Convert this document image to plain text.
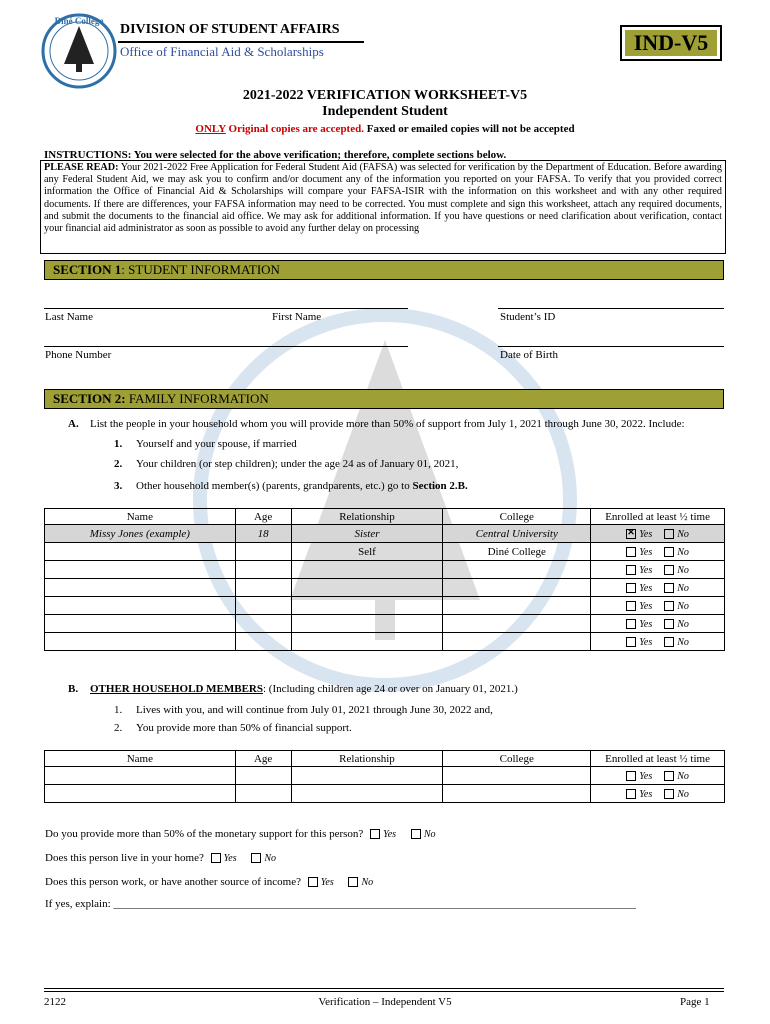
Diné College
DIVISION OF STUDENT AFFAIRS
Office of Financial Aid & Scholarships	IND-V5
2021-2022 VERIFICATION WORKSHEET-V5
Independent Student
ONLY Original copies are accepted. Faxed or emailed copies will not be accepted
INSTRUCTIONS: You were selected for the above verification; therefore, complete sections below.
PLEASE READ: Your 2021-2022 Free Application for Federal Student Aid (FAFSA) was selected for verification by the Department of Education. Before awarding any Federal Student Aid, we may ask you to confirm and/or document any of the information you reported on your FAFSA. To verify that you provided correct information the Office of Financial Aid & Scholarships will compare your FAFSA-ISIR with the information on this worksheet and with any other required documents. If there are differences, your FAFSA information may need to be corrected. You must complete and sign this worksheet, attach any required documents, and submit the documents to the financial aid office. We may ask for additional information. If you have questions or need clarification about verification, contact your financial aid administrator as soon as possible to avoid any further delay on processing
SECTION 1: STUDENT INFORMATION
Last Name	First Name	Student’s ID
Phone Number	Date of Birth
SECTION 2: FAMILY INFORMATION
A. List the people in your household whom you will provide more than 50% of support from July 1, 2021 through June 30, 2022. Include:
1. Yourself and your spouse, if married
2. Your children (or step children); under the age 24 as of January 01, 2021,
3. Other household member(s) (parents, grandparents, etc.) go to Section 2.B.
Name	Age	Relationship	College	Enrolled at least ½ time
Missy Jones (example)	18	Sister	Central University	✕Yes No
		Self	Diné College	Yes No
				Yes No
				Yes No
				Yes No
				Yes No
				Yes No
B. OTHER HOUSEHOLD MEMBERS: (Including children age 24 or over on January 01, 2021.)
1. Lives with you, and will continue from July 01, 2021 through June 30, 2022 and,
2. You provide more than 50% of financial support.
Name	Age	Relationship	College	Enrolled at least ½ time
				Yes No
				Yes No
Do you provide more than 50% of the monetary support for this person? Yes	No
Does this person live in your home? Yes	No
Does this person work, or have another source of income? Yes	No
If yes, explain: _______________________________________________________________________________________________
2122	Verification – Independent V5	Page 1
